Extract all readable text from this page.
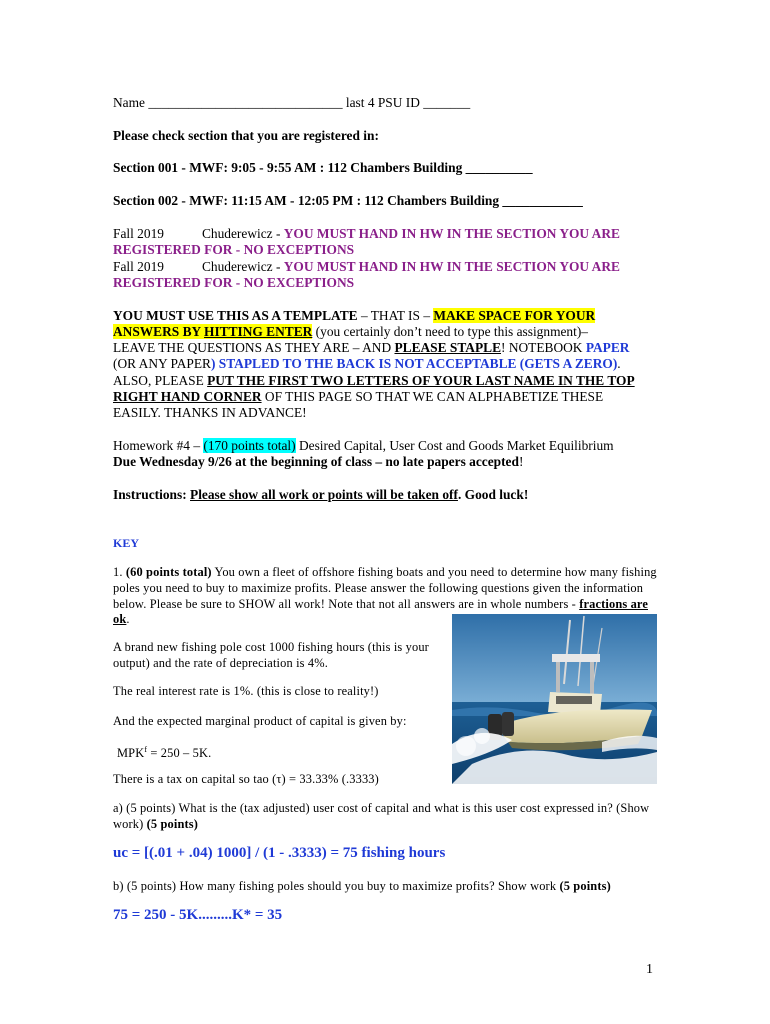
Name _____________________________ last 4 PSU ID _______
Please check section that you are registered in:
Section 001 - MWF: 9:05 - 9:55 AM : 112 Chambers Building __________
Section 002 - MWF: 11:15 AM - 12:05 PM : 112 Chambers Building ____________
Fall 2019	Chuderewicz - YOU MUST HAND IN HW IN THE SECTION YOU ARE
REGISTERED FOR - NO EXCEPTIONS
Fall 2019	Chuderewicz - YOU MUST HAND IN HW IN THE SECTION YOU ARE
REGISTERED FOR - NO EXCEPTIONS
YOU MUST USE THIS AS A TEMPLATE – THAT IS – MAKE SPACE FOR YOUR
ANSWERS BY HITTING ENTER (you certainly don’t need to type this assignment)–
LEAVE THE QUESTIONS AS THEY ARE – AND PLEASE STAPLE! NOTEBOOK PAPER
(OR ANY PAPER) STAPLED TO THE BACK IS NOT ACCEPTABLE (GETS A ZERO).
ALSO, PLEASE PUT THE FIRST TWO LETTERS OF YOUR LAST NAME IN THE TOP
RIGHT HAND CORNER OF THIS PAGE SO THAT WE CAN ALPHABETIZE THESE
EASILY. THANKS IN ADVANCE!
Homework #4 – (170 points total) Desired Capital, User Cost and Goods Market Equilibrium
Due Wednesday 9/26 at the beginning of class – no late papers accepted!
Instructions: Please show all work or points will be taken off. Good luck!
KEY
1. (60 points total) You own a fleet of offshore fishing boats and you need to determine how many fishing
poles you need to buy to maximize profits. Please answer the following questions given the information
below. Please be sure to SHOW all work! Note that not all answers are in whole numbers - fractions are
ok.
A brand new fishing pole cost 1000 fishing hours (this is your
output) and the rate of depreciation is 4%.
The real interest rate is 1%. (this is close to reality!)
And the expected marginal product of capital is given by:
$MPK^f = 250 - 5K$.
There is a tax on capital so tao (τ) = 33.33% (.3333)
a) (5 points) What is the (tax adjusted) user cost of capital and what is this user cost expressed in? (Show
work) (5 points)
uc = [(.01 + .04) 1000] / (1 - .3333) = 75 fishing hours
b) (5 points) How many fishing poles should you buy to maximize profits? Show work (5 points)
75 = 250 - 5K.........K* = 35
1
